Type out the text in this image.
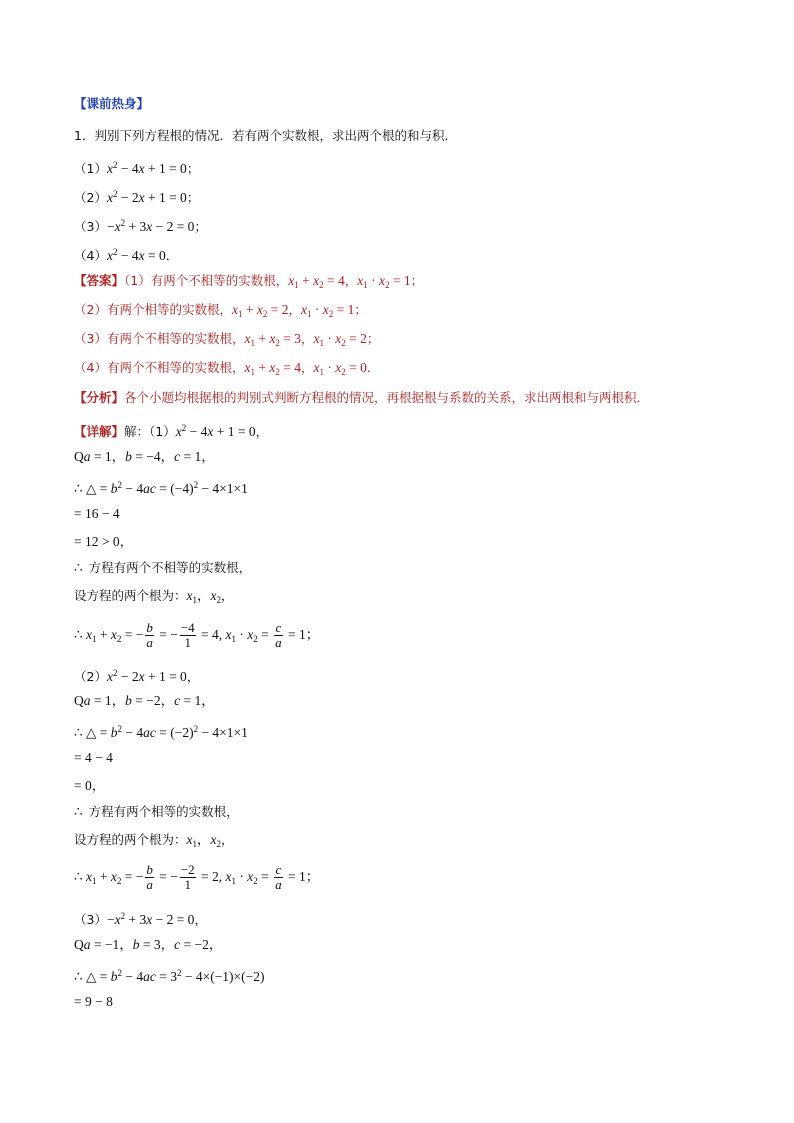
【课前热身】
1．判别下列方程根的情况．若有两个实数根，求出两个根的和与积．
$(1)x^2 - 4x + 1 = 0$；
$(2)x^2 - 2x + 1 = 0$；
$(3)-x^2 + 3x - 2 = 0$；
$(4)x^2 - 4x = 0$．
【答案】（1）有两个不相等的实数根，$x_1 + x_2 = 4$，$x_1 \cdot x_2 = 1$；
（2）有两个相等的实数根，$x_1 + x_2 = 2$，$x_1 \cdot x_2 = 1$；
（3）有两个不相等的实数根，$x_1 + x_2 = 3$，$x_1 \cdot x_2 = 2$；
（4）有两个不相等的实数根，$x_1 + x_2 = 4$，$x_1 \cdot x_2 = 0$．
【分析】各个小题均根据根的判别式判断方程根的情况，再根据根与系数的关系，求出两根和与两根积．
【详解】解：$(1)x^2 - 4x + 1 = 0$，
Qa = 1，b = −4，c = 1，
∴ △ = $b^2 - 4ac = (-4)^2 - 4\times 1\times 1$
= 16 − 4
= 12 > 0，
∴ 方程有两个不相等的实数根，
设方程的两个根为：$x_1$，$x_2$，
∴ $x_1 + x_2$ = − $\frac{b}{a}$ = − $\frac{-4}{1} = 4$, $x_1 \cdot x_2 = \frac{c}{a} = 1$；
$(2)x^2 - 2x + 1 = 0$，
Qa = 1，b = −2，c = 1，
∴ △ = $b^2 - 4ac = (-2)^2 - 4\times 1\times 1$
= 4 − 4
= 0，
∴ 方程有两个相等的实数根，
设方程的两个根为：$x_1$，$x_2$，
∴ $x_1 + x_2$ = − $\frac{b}{a}$ = − $\frac{-2}{1} = 2$, $x_1 \cdot x_2 = \frac{c}{a} = 1$；
$(3)-x^2 + 3x - 2 = 0$，
Qa = −1，b = 3，c = −2，
∴ △ = $b^2 - 4ac = 3^2 - 4\times(-1)\times(-2)$
= 9 − 8
